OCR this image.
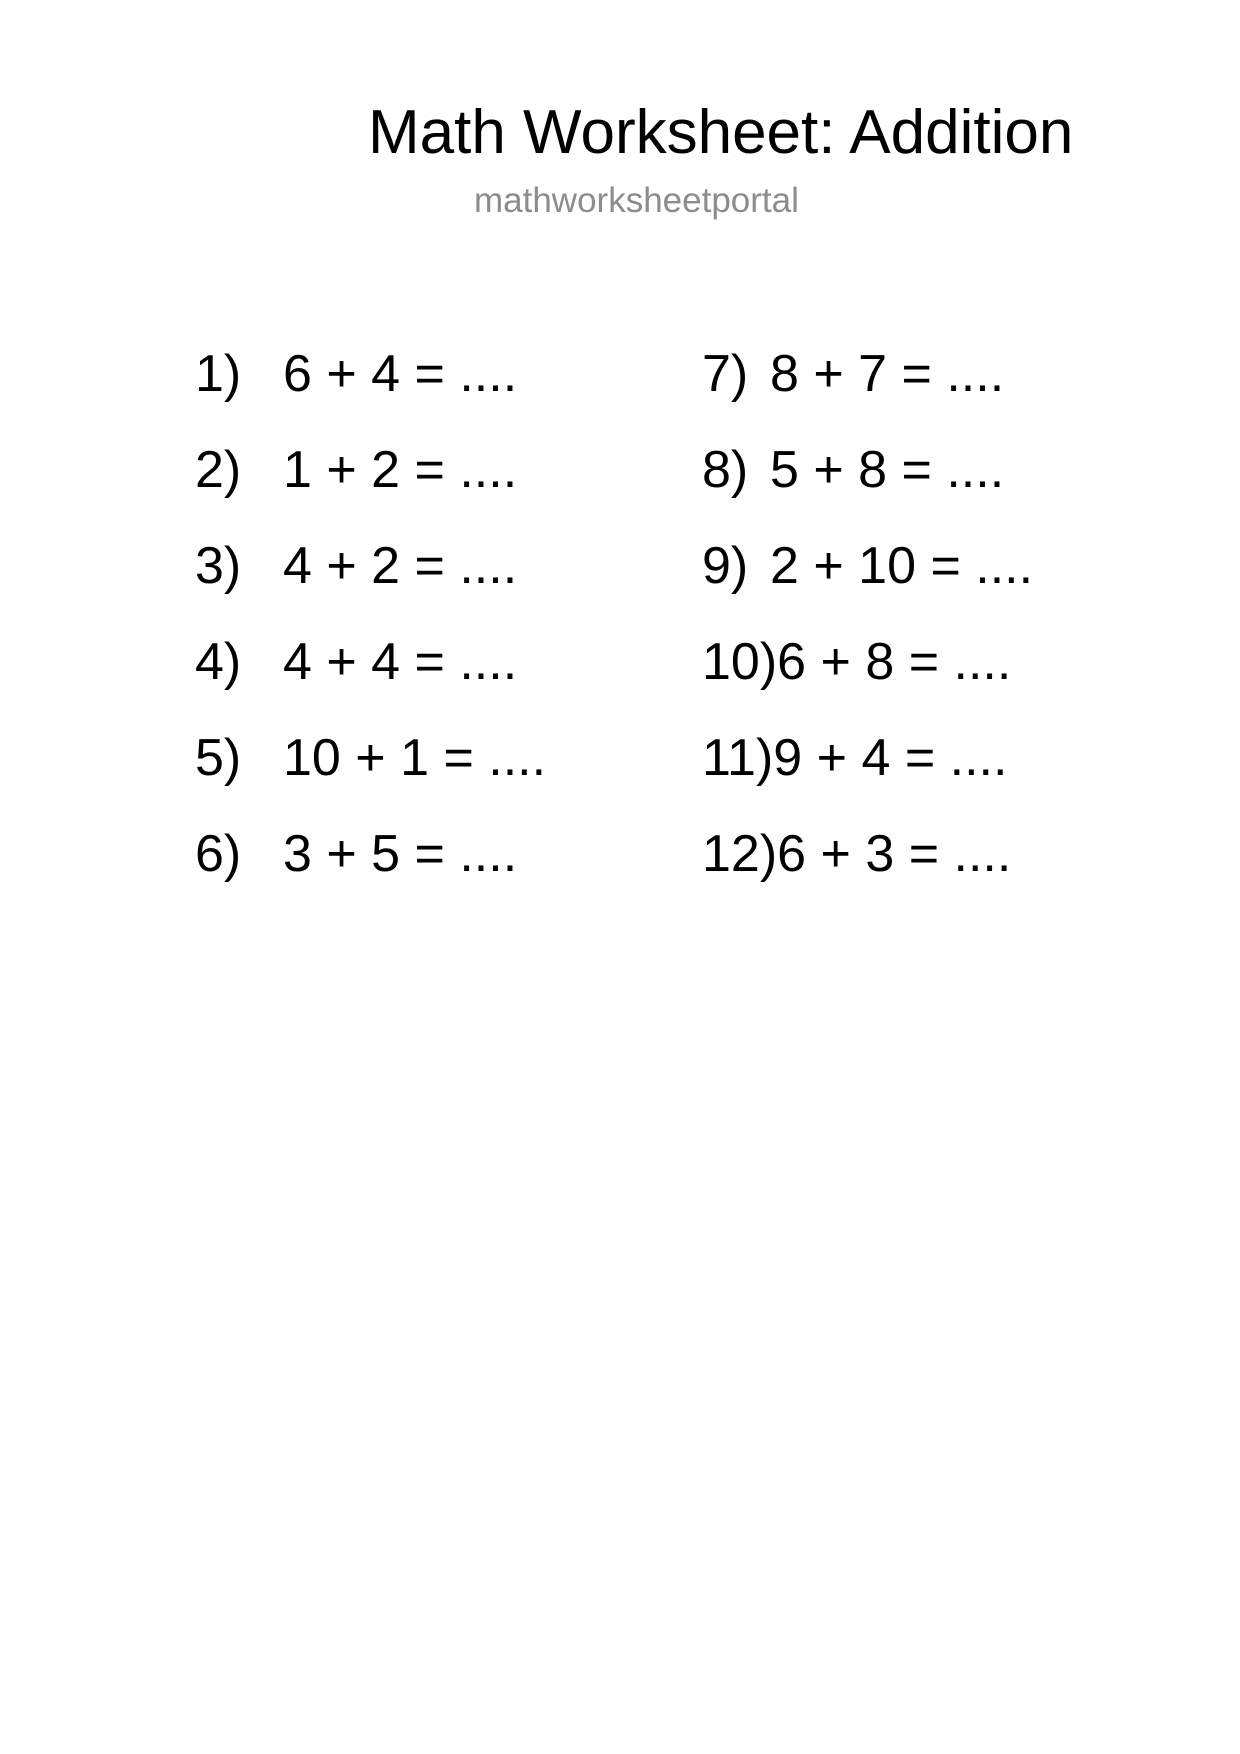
Math Worksheet: Addition
mathworksheetportal
1) 6 + 4 = ....
2) 1 + 2 = ....
3) 4 + 2 = ....
4) 4 + 4 = ....
5) 10 + 1 = ....
6) 3 + 5 = ....
7) 8 + 7 = ....
8) 5 + 8 = ....
9) 2 + 10 = ....
10) 6 + 8 = ....
11) 9 + 4 = ....
12) 6 + 3 = ....
